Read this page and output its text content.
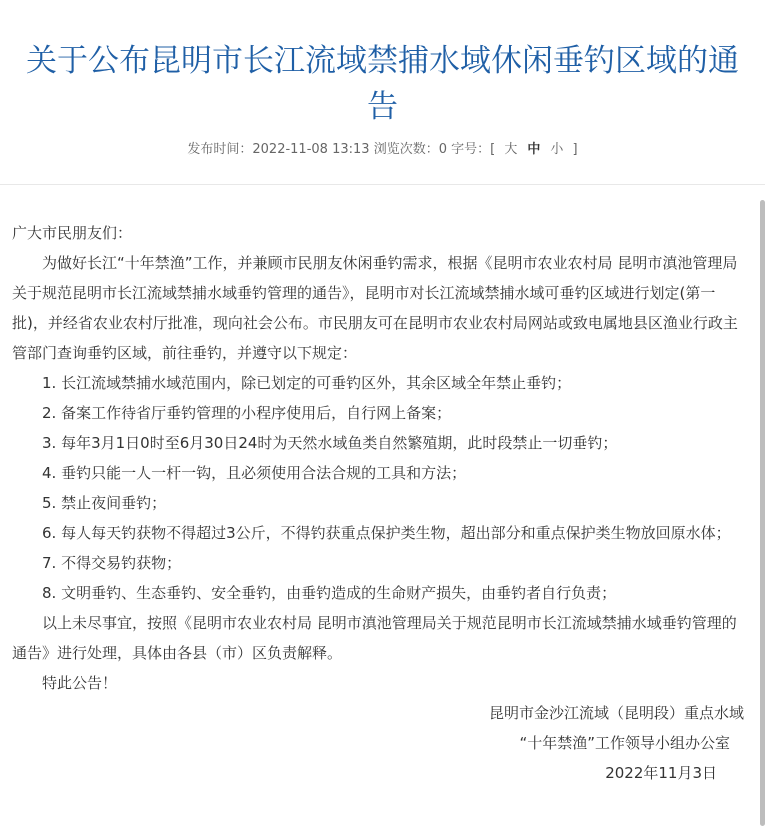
关于公布昆明市长江流域禁捕水域休闲垂钓区域的通告
发布时间：2022-11-08 13:13 浏览次数：0 字号：[ 大 中 小 ]

广大市民朋友们：

为做好长江“十年禁渔”工作，并兼顾市民朋友休闲垂钓需求，根据《昆明市农业农村局 昆明市滇池管理局关于规范昆明市长江流域禁捕水域垂钓管理的通告》，昆明市对长江流域禁捕水域可垂钓区域进行划定(第一批)，并经省农业农村厅批准，现向社会公布。市民朋友可在昆明市农业农村局网站或致电属地县区渔业行政主管部门查询垂钓区域，前往垂钓，并遵守以下规定：

1. 长江流域禁捕水域范围内，除已划定的可垂钓区外，其余区域全年禁止垂钓；

2. 备案工作待省厅垂钓管理的小程序使用后，自行网上备案；

3. 每年3月1日0时至6月30日24时为天然水域鱼类自然繁殖期，此时段禁止一切垂钓；

4. 垂钓只能一人一杆一钩，且必须使用合法合规的工具和方法；

5. 禁止夜间垂钓；

6. 每人每天钓获物不得超过3公斤，不得钓获重点保护类生物，超出部分和重点保护类生物放回原水体；

7. 不得交易钓获物；

8. 文明垂钓、生态垂钓、安全垂钓，由垂钓造成的生命财产损失，由垂钓者自行负责；

以上未尽事宜，按照《昆明市农业农村局 昆明市滇池管理局关于规范昆明市长江流域禁捕水域垂钓管理的通告》进行处理，具体由各县（市）区负责解释。

特此公告！

昆明市金沙江流域（昆明段）重点水域

“十年禁渔”工作领导小组办公室

2022年11月3日
